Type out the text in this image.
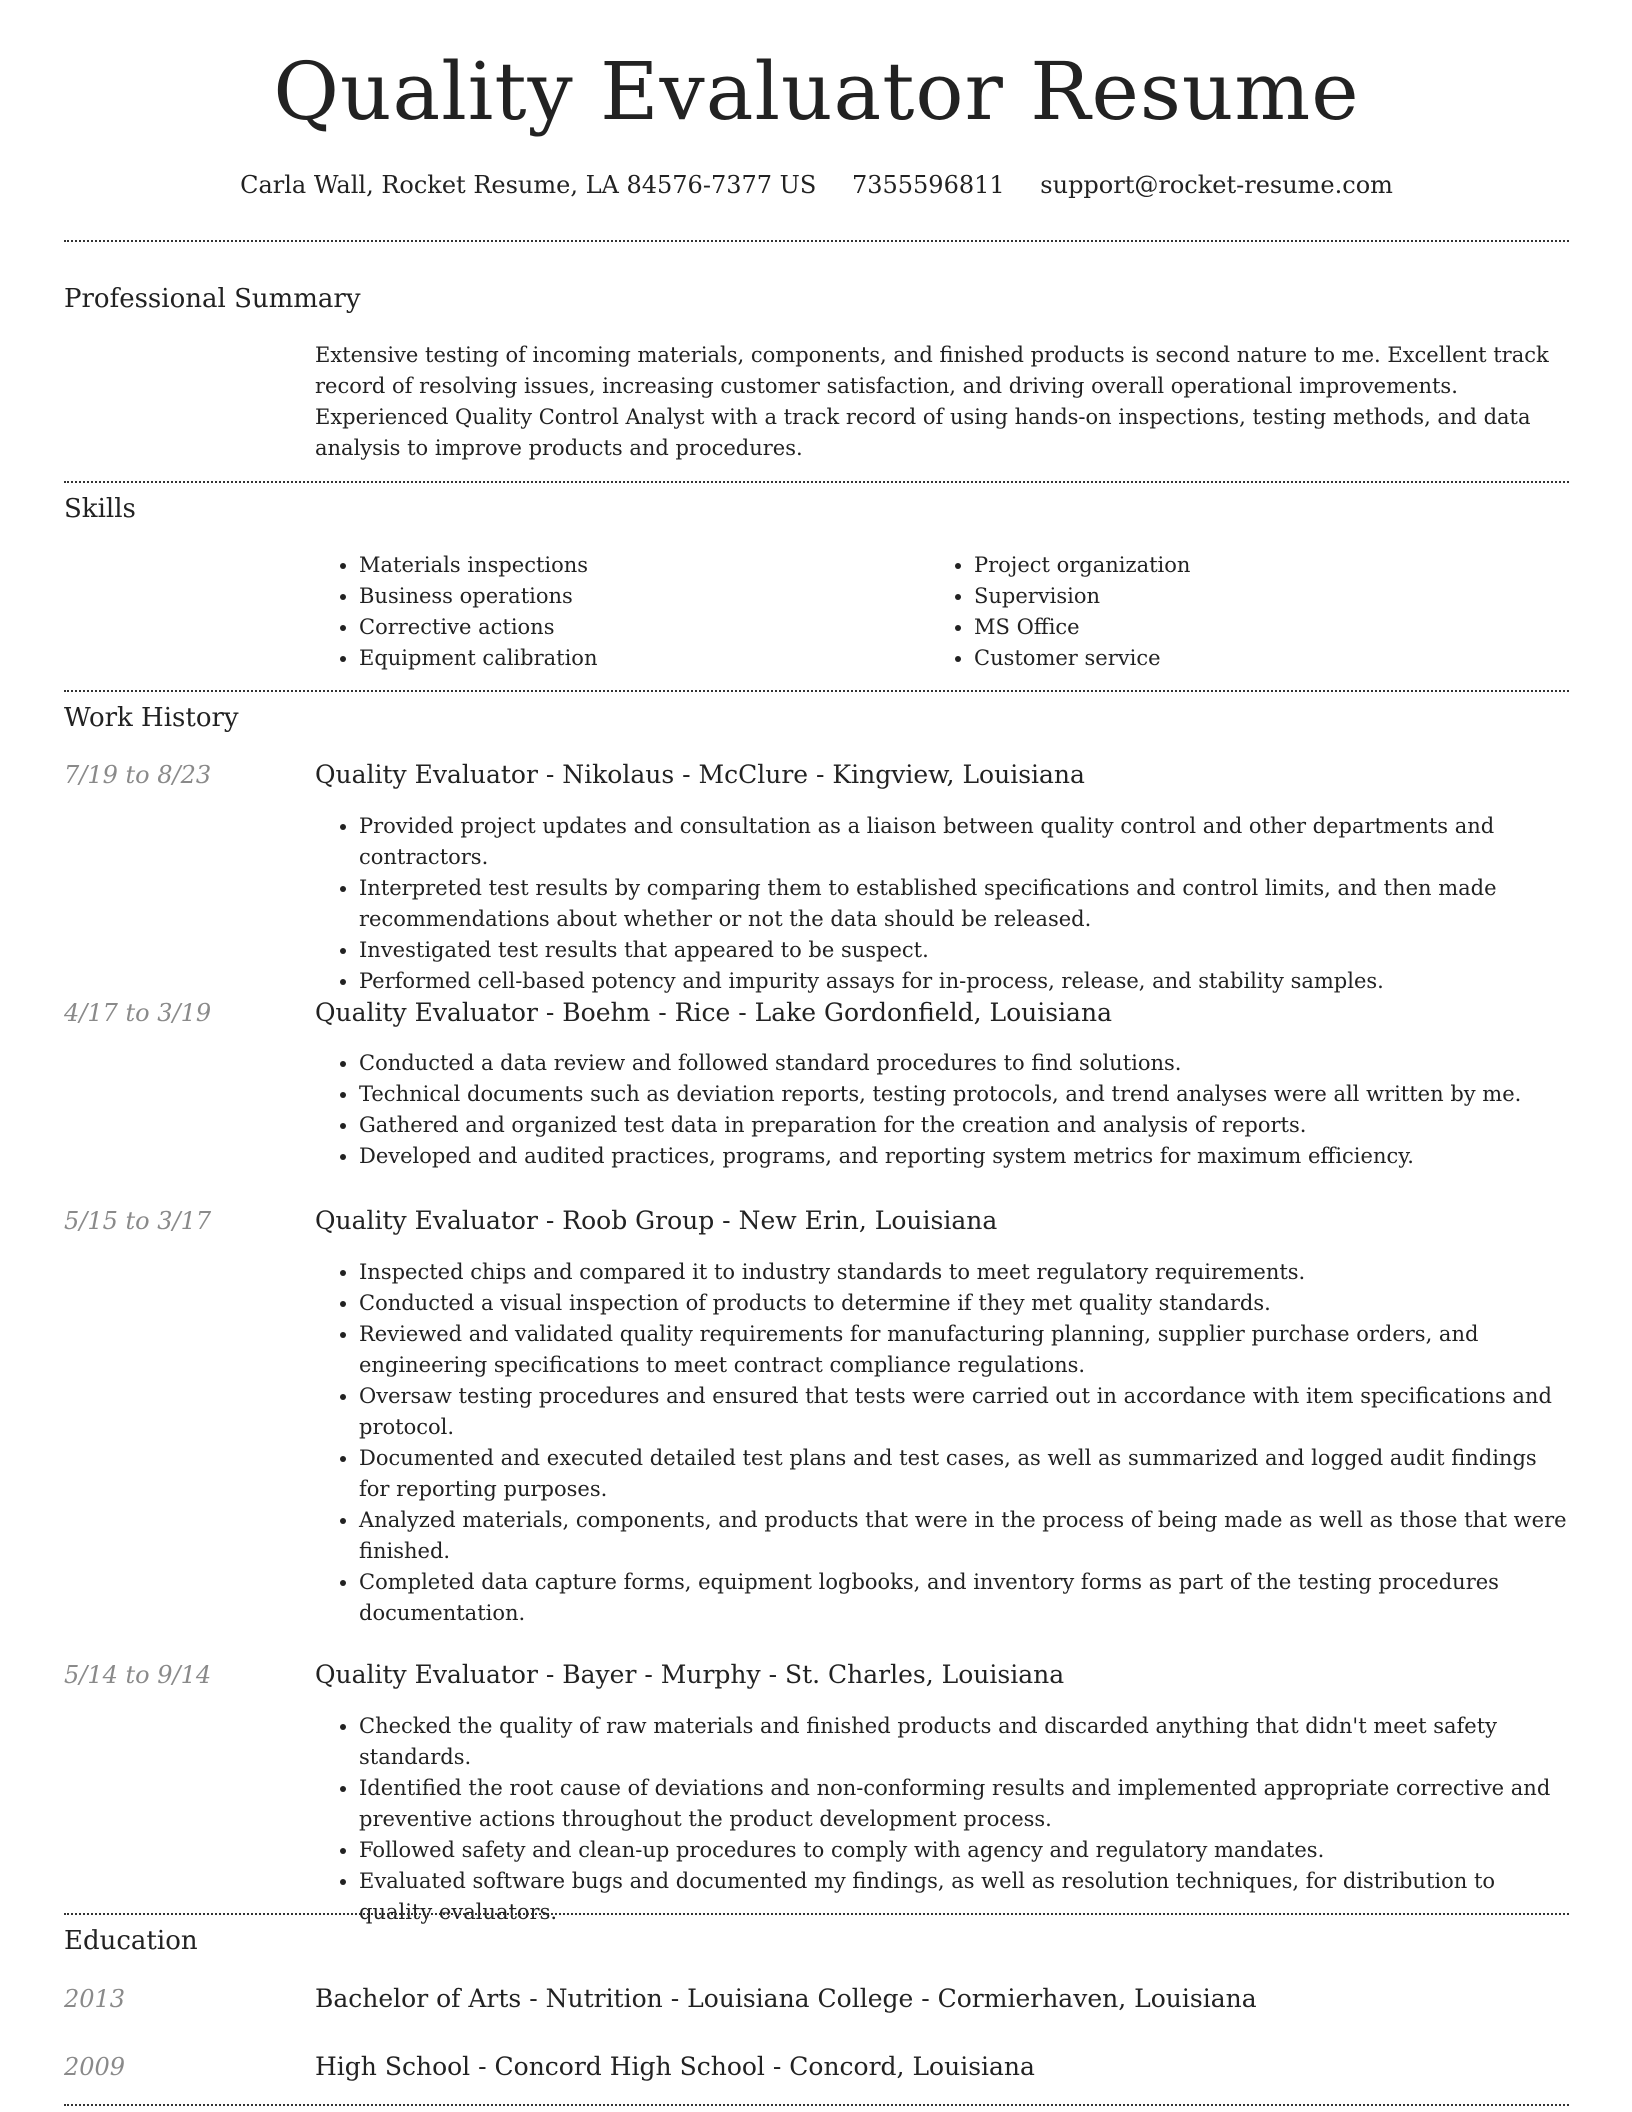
Quality Evaluator Resume
Carla Wall, Rocket Resume, LA 84576-7377 US 7355596811 support@rocket-resume.com
Professional Summary
Extensive testing of incoming materials, components, and finished products is second nature to me. Excellent track record of resolving issues, increasing customer satisfaction, and driving overall operational improvements. Experienced Quality Control Analyst with a track record of using hands-on inspections, testing methods, and data analysis to improve products and procedures.
Skills
• Materials inspections
• Business operations
• Corrective actions
• Equipment calibration
• Project organization
• Supervision
• MS Office
• Customer service
Work History
7/19 to 8/23	Quality Evaluator - Nikolaus - McClure - Kingview, Louisiana
• Provided project updates and consultation as a liaison between quality control and other departments and contractors.
• Interpreted test results by comparing them to established specifications and control limits, and then made recommendations about whether or not the data should be released.
• Investigated test results that appeared to be suspect.
• Performed cell-based potency and impurity assays for in-process, release, and stability samples.
4/17 to 3/19	Quality Evaluator - Boehm - Rice - Lake Gordonfield, Louisiana
• Conducted a data review and followed standard procedures to find solutions.
• Technical documents such as deviation reports, testing protocols, and trend analyses were all written by me.
• Gathered and organized test data in preparation for the creation and analysis of reports.
• Developed and audited practices, programs, and reporting system metrics for maximum efficiency.
5/15 to 3/17	Quality Evaluator - Roob Group - New Erin, Louisiana
• Inspected chips and compared it to industry standards to meet regulatory requirements.
• Conducted a visual inspection of products to determine if they met quality standards.
• Reviewed and validated quality requirements for manufacturing planning, supplier purchase orders, and engineering specifications to meet contract compliance regulations.
• Oversaw testing procedures and ensured that tests were carried out in accordance with item specifications and protocol.
• Documented and executed detailed test plans and test cases, as well as summarized and logged audit findings for reporting purposes.
• Analyzed materials, components, and products that were in the process of being made as well as those that were finished.
• Completed data capture forms, equipment logbooks, and inventory forms as part of the testing procedures documentation.
5/14 to 9/14	Quality Evaluator - Bayer - Murphy - St. Charles, Louisiana
• Checked the quality of raw materials and finished products and discarded anything that didn't meet safety standards.
• Identified the root cause of deviations and non-conforming results and implemented appropriate corrective and preventive actions throughout the product development process.
• Followed safety and clean-up procedures to comply with agency and regulatory mandates.
• Evaluated software bugs and documented my findings, as well as resolution techniques, for distribution to quality evaluators.
Education
2013	Bachelor of Arts - Nutrition - Louisiana College - Cormierhaven, Louisiana
2009	High School - Concord High School - Concord, Louisiana
